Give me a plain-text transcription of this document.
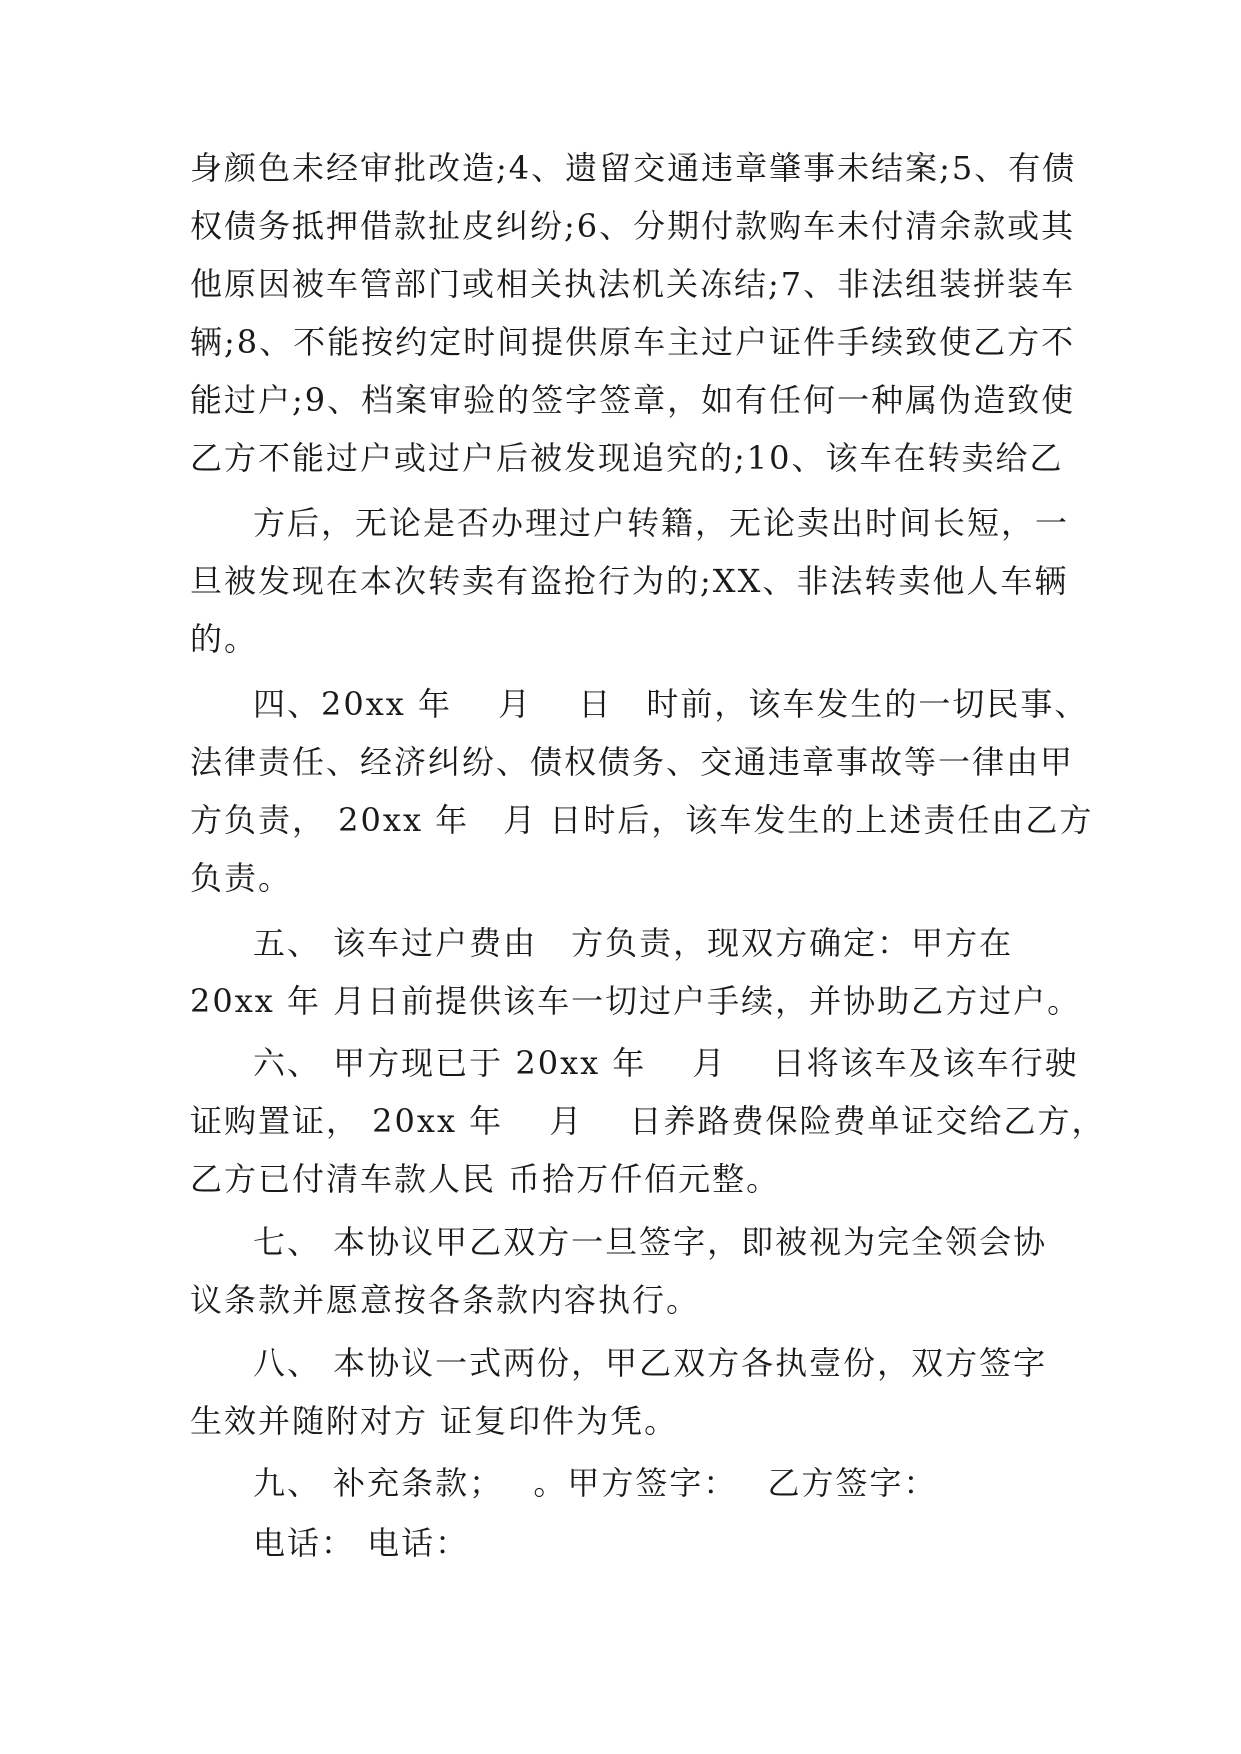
身颜色未经审批改造;4、遗留交通违章肇事未结案;5、有债
权债务抵押借款扯皮纠纷;6、分期付款购车未付清余款或其
他原因被车管部门或相关执法机关冻结;7、非法组装拼装车
辆;8、不能按约定时间提供原车主过户证件手续致使乙方不
能过户;9、档案审验的签字签章，如有任何一种属伪造致使
乙方不能过户或过户后被发现追究的;10、该车在转卖给乙
方后，无论是否办理过户转籍，无论卖出时间长短，一
旦被发现在本次转卖有盗抢行为的;XX、非法转卖他人车辆
的。
四、20xx 年　 月　 日　时前，该车发生的一切民事、
法律责任、经济纠纷、债权债务、交通违章事故等一律由甲
方负责， 20xx 年　月 日时后，该车发生的上述责任由乙方
负责。
五、 该车过户费由　方负责，现双方确定：甲方在
20xx 年 月日前提供该车一切过户手续，并协助乙方过户。
六、 甲方现已于 20xx 年　 月　 日将该车及该车行驶
证购置证， 20xx 年　 月　 日养路费保险费单证交给乙方，
乙方已付清车款人民 币拾万仟佰元整。
七、 本协议甲乙双方一旦签字，即被视为完全领会协
议条款并愿意按各条款内容执行。
八、 本协议一式两份，甲乙双方各执壹份，双方签字
生效并随附对方 证复印件为凭。
九、 补充条款；　 。甲方签字：　 乙方签字：
电话： 电话：
